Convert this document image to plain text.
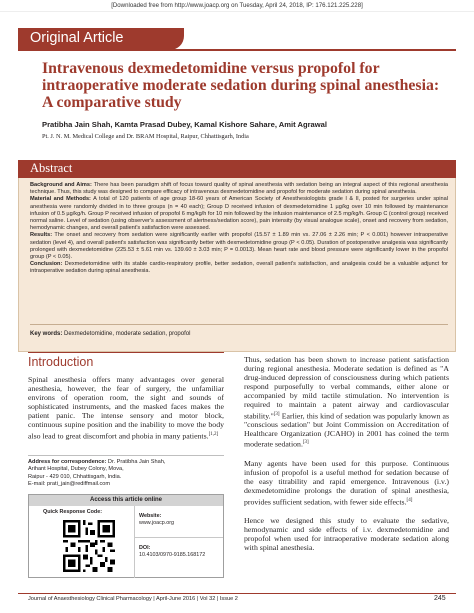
[Downloaded free from http://www.joacp.org on Tuesday, April 24, 2018, IP: 176.121.225.228]
Original Article
Intravenous dexmedetomidine versus propofol for intraoperative moderate sedation during spinal anesthesia: A comparative study
Pratibha Jain Shah, Kamta Prasad Dubey, Kamal Kishore Sahare, Amit Agrawal
Pt. J. N. M. Medical College and Dr. BRAM Hospital, Raipur, Chhattisgarh, India
Abstract
Background and Aims: There has been paradigm shift of focus toward quality of spinal anesthesia with sedation being an integral aspect of this regional anesthesia technique. Thus, this study was designed to compare efficacy of intravenous dexmedetomidine and propofol for moderate sedation during spinal anesthesia.
Material and Methods: A total of 120 patients of age group 18-60 years of American Society of Anesthesiologists grade I & II, posted for surgeries under spinal anesthesia were randomly divided in to three groups (n = 40 each); Group D received infusion of dexmedetomidine 1 µg/kg over 10 min followed by maintenance infusion of 0.5 µg/kg/h. Group P received infusion of propofol 6 mg/kg/h for 10 min followed by the infusion maintenance of 2.5 mg/kg/h. Group C (control group) received normal saline. Level of sedation (using observer's assessment of alertness/sedation score), pain intensity (by visual analogue scale), onset and recovery from sedation, hemodynamic changes, and overall patient's satisfaction were assessed.
Results: The onset and recovery from sedation were significantly earlier with propofol (15.57 ± 1.89 min vs. 27.06 ± 2.26 min; P < 0.001) however intraoperative sedation (level 4), and overall patient's satisfaction was significantly better with dexmedetomidine group (P < 0.05). Duration of postoperative analgesia was significantly prolonged with dexmedetomidine (225.53 ± 5.61 min vs. 139.60 ± 3.03 min; P = 0.0013). Mean heart rate and blood pressure were significantly lower in the propofol group (P < 0.05).
Conclusion: Dexmedetomidine with its stable cardio-respiratory profile, better sedation, overall patient's satisfaction, and analgesia could be a valuable adjunct for intraoperative sedation during spinal anesthesia.
Key words: Dexmedetomidine, moderate sedation, propofol
Introduction
Spinal anesthesia offers many advantages over general anesthesia, however, the fear of surgery, the unfamiliar environs of operation room, the sight and sounds of sophisticated instruments, and the masked faces makes the patient panic. The intense sensory and motor block, continuous supine position and the inability to move the body also lead to great discomfort and phobia in many patients.[1,2]
Address for correspondence: Dr. Pratibha Jain Shah,
Arihant Hospital, Dubey Colony, Mova,
Raipur - 429 010, Chhattisgarh, India.
E-mail: prati_jain@rediffmail.com
Access this article online
Quick Response Code:
Website:
www.joacp.org
DOI:
10.4103/0970-9185.168172

Thus, sedation has been shown to increase patient satisfaction during regional anesthesia. Moderate sedation is defined as "A drug-induced depression of consciousness during which patients respond purposefully to verbal commands, either alone or accompanied by mild tactile stimulation. No intervention is required to maintain a patent airway and cardiovascular stability."[3] Earlier, this kind of sedation was popularly known as "conscious sedation" but Joint Commission on Accreditation of Healthcare Organization (JCAHO) in 2001 has coined the term moderate sedation.[3]

Many agents have been used for this purpose. Continuous infusion of propofol is a useful method for sedation because of the easy titrability and rapid emergence. Intravenous (i.v.) dexmedetomidine prolongs the duration of spinal anesthesia, provides sufficient sedation, with fewer side effects.[4]

Hence we designed this study to evaluate the sedative, hemodynamic and side effects of i.v. dexmedetomidine and propofol when used for intraoperative moderate sedation along with spinal anesthesia.

Journal of Anaesthesiology Clinical Pharmacology | April-June 2016 | Vol 32 | Issue 2	245
